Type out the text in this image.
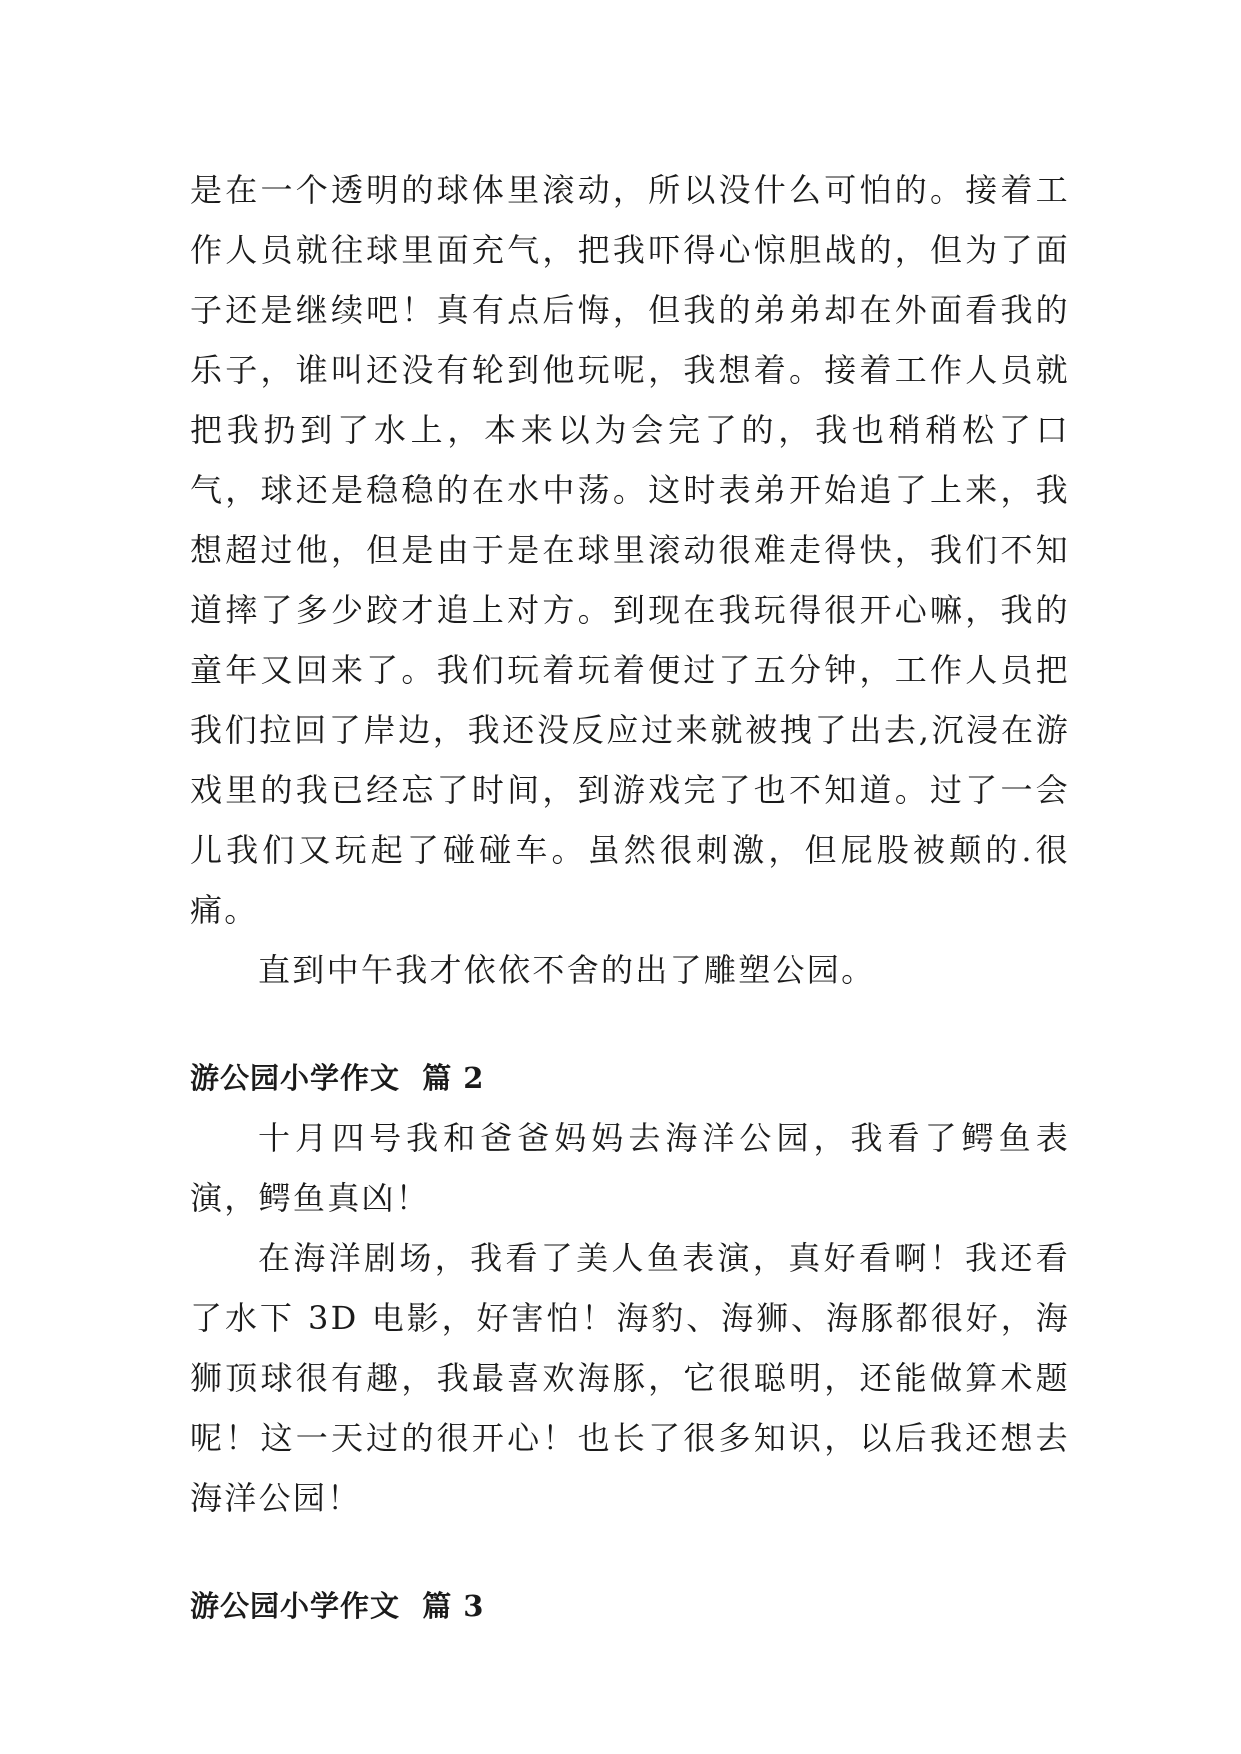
是在一个透明的球体里滚动，所以没什么可怕的。接着工作人员就往球里面充气，把我吓得心惊胆战的，但为了面子还是继续吧！真有点后悔，但我的弟弟却在外面看我的乐子，谁叫还没有轮到他玩呢，我想着。接着工作人员就把我扔到了水上，本来以为会完了的，我也稍稍松了口气，球还是稳稳的在水中荡。这时表弟开始追了上来，我想超过他，但是由于是在球里滚动很难走得快，我们不知道摔了多少跤才追上对方。到现在我玩得很开心嘛，我的童年又回来了。我们玩着玩着便过了五分钟，工作人员把我们拉回了岸边，我还没反应过来就被拽了出去,沉浸在游戏里的我已经忘了时间，到游戏完了也不知道。过了一会儿我们又玩起了碰碰车。虽然很刺激，但屁股被颠的.很痛。

直到中午我才依依不舍的出了雕塑公园。

游公园小学作文  篇 2

十月四号我和爸爸妈妈去海洋公园，我看了鳄鱼表演，鳄鱼真凶！

在海洋剧场，我看了美人鱼表演，真好看啊！我还看了水下 3D 电影，好害怕！海豹、海狮、海豚都很好，海狮顶球很有趣，我最喜欢海豚，它很聪明，还能做算术题呢！这一天过的很开心！也长了很多知识，以后我还想去海洋公园！

游公园小学作文  篇 3
